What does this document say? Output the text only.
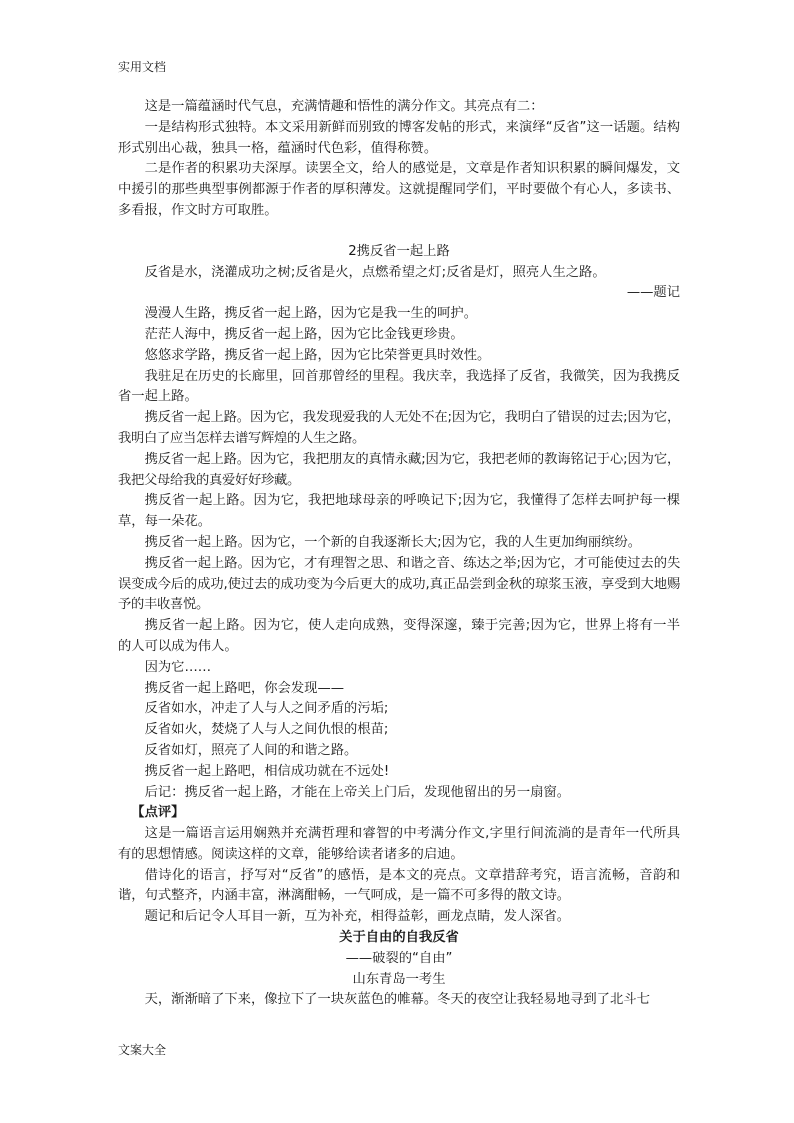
实用文档

这是一篇蕴涵时代气息，充满情趣和悟性的满分作文。其亮点有二：

一是结构形式独特。本文采用新鲜而别致的博客发帖的形式，来演绎“反省”这一话题。结构形式别出心裁，独具一格，蕴涵时代色彩，值得称赞。

二是作者的积累功夫深厚。读罢全文，给人的感觉是，文章是作者知识积累的瞬间爆发，文中援引的那些典型事例都源于作者的厚积薄发。这就提醒同学们，平时要做个有心人，多读书、多看报，作文时方可取胜。

2携反省一起上路

反省是水，浇灌成功之树;反省是火，点燃希望之灯;反省是灯，照亮人生之路。

——题记

漫漫人生路，携反省一起上路，因为它是我一生的呵护。

茫茫人海中，携反省一起上路，因为它比金钱更珍贵。

悠悠求学路，携反省一起上路，因为它比荣誉更具时效性。

我驻足在历史的长廊里，回首那曾经的里程。我庆幸，我选择了反省，我微笑，因为我携反省一起上路。

携反省一起上路。因为它，我发现爱我的人无处不在;因为它，我明白了错误的过去;因为它，我明白了应当怎样去谱写辉煌的人生之路。

携反省一起上路。因为它，我把朋友的真情永藏;因为它，我把老师的教诲铭记于心;因为它，我把父母给我的真爱好好珍藏。

携反省一起上路。因为它，我把地球母亲的呼唤记下;因为它，我懂得了怎样去呵护每一棵草，每一朵花。

携反省一起上路。因为它，一个新的自我逐渐长大;因为它，我的人生更加绚丽缤纷。

携反省一起上路。因为它，才有理智之思、和谐之音、练达之举;因为它，才可能使过去的失误变成今后的成功,使过去的成功变为今后更大的成功,真正品尝到金秋的琼浆玉液，享受到大地赐予的丰收喜悦。

携反省一起上路。因为它，使人走向成熟，变得深邃，臻于完善;因为它，世界上将有一半的人可以成为伟人。

因为它……

携反省一起上路吧，你会发现——

反省如水，冲走了人与人之间矛盾的污垢;

反省如火，焚烧了人与人之间仇恨的根苗;

反省如灯，照亮了人间的和谐之路。

携反省一起上路吧，相信成功就在不远处!

后记：携反省一起上路，才能在上帝关上门后，发现他留出的另一扇窗。

【点评】

这是一篇语言运用娴熟并充满哲理和睿智的中考满分作文,字里行间流淌的是青年一代所具有的思想情感。阅读这样的文章，能够给读者诸多的启迪。

借诗化的语言，抒写对“反省”的感悟，是本文的亮点。文章措辞考究，语言流畅，音韵和谐，句式整齐，内涵丰富，淋漓酣畅，一气呵成，是一篇不可多得的散文诗。

题记和后记令人耳目一新，互为补充，相得益彰，画龙点睛，发人深省。

关于自由的自我反省

——破裂的“自由”

山东青岛一考生

天，渐渐暗了下来，像拉下了一块灰蓝色的帷幕。冬天的夜空让我轻易地寻到了北斗七

文案大全
